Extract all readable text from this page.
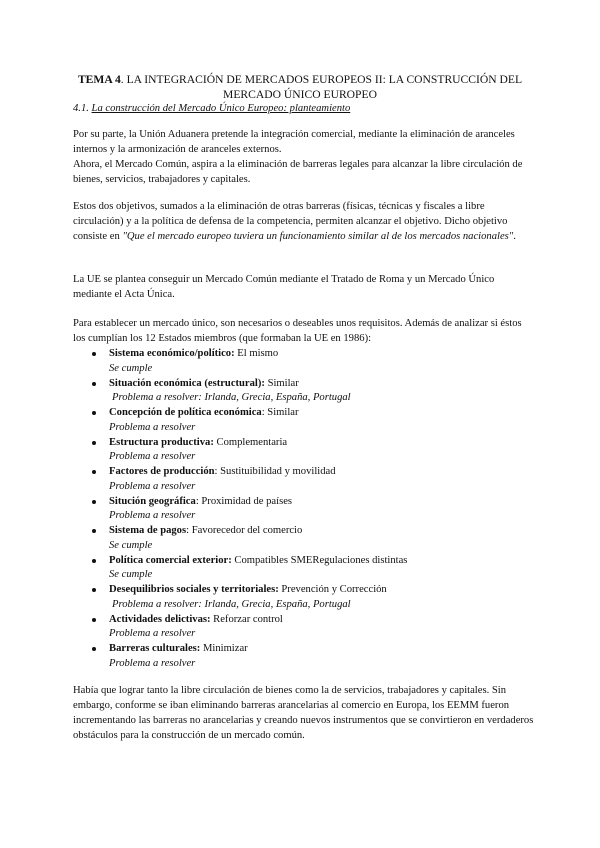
TEMA 4. LA INTEGRACIÓN DE MERCADOS EUROPEOS II: LA CONSTRUCCIÓN DEL MERCADO ÚNICO EUROPEO
4.1. La construcción del Mercado Único Europeo: planteamiento

Por su parte, la Unión Aduanera pretende la integración comercial, mediante la eliminación de aranceles internos y la armonización de aranceles externos.

Ahora, el Mercado Común, aspira a la eliminación de barreras legales para alcanzar la libre circulación de bienes, servicios, trabajadores y capitales.

Estos dos objetivos, sumados a la eliminación de otras barreras (físicas, técnicas y fiscales a libre circulación) y a la política de defensa de la competencia, permiten alcanzar el objetivo. Dicho objetivo consiste en "Que el mercado europeo tuviera un funcionamiento similar al de los mercados nacionales".

La UE se plantea conseguir un Mercado Común mediante el Tratado de Roma y un Mercado Único mediante el Acta Única.

Para establecer un mercado único, son necesarios o deseables unos requisitos. Además de analizar si éstos los cumplían los 12 Estados miembros (que formaban la UE en 1986):

Sistema económico/político: El mismo
Se cumple
Situación económica (estructural): Similar
Problema a resolver: Irlanda, Grecia, España, Portugal
Concepción de política económica: Similar
Problema a resolver
Estructura productiva: Complementaria
Problema a resolver
Factores de producción: Sustituibilidad y movilidad
Problema a resolver
Situción geográfica: Proximidad de países
Problema a resolver
Sistema de pagos: Favorecedor del comercio
Se cumple
Política comercial exterior: Compatibles SMERegulaciones distintas
Se cumple
Desequilibrios sociales y territoriales: Prevención y Corrección
Problema a resolver: Irlanda, Grecia, España, Portugal
Actividades delictivas: Reforzar control
Problema a resolver
Barreras culturales: Minimizar
Problema a resolver

Había que lograr tanto la libre circulación de bienes como la de servicios, trabajadores y capitales. Sin embargo, conforme se iban eliminando barreras arancelarias al comercio en Europa, los EEMM fueron incrementando las barreras no arancelarias y creando nuevos instrumentos que se convirtieron en verdaderos obstáculos para la construcción de un mercado común.
